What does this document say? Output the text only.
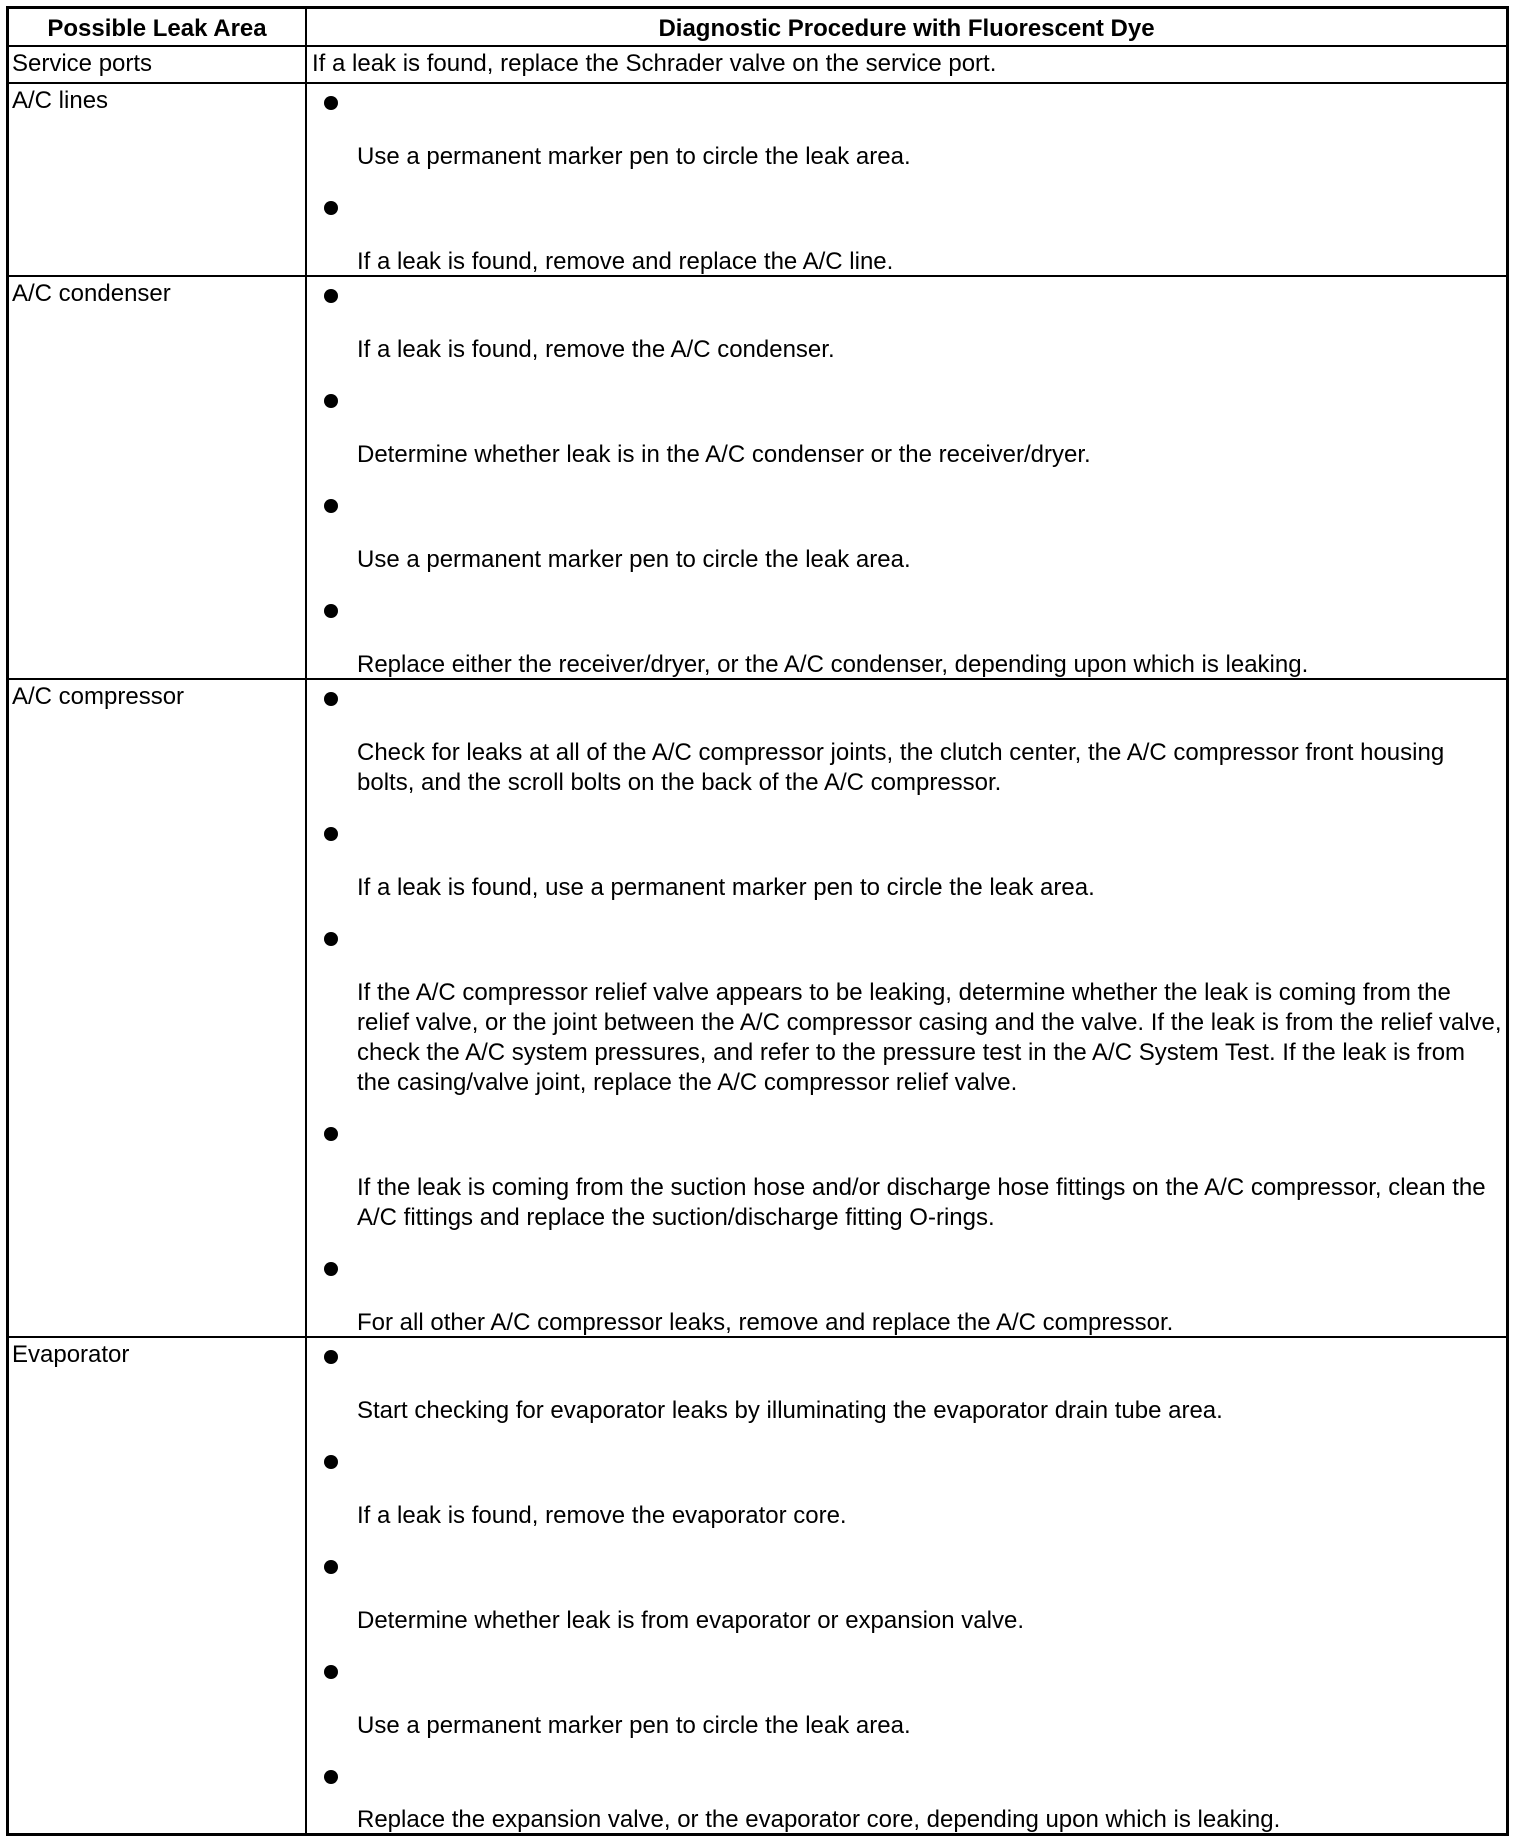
Possible Leak Area	Diagnostic Procedure with Fluorescent Dye
Service ports	If a leak is found, replace the Schrader valve on the service port.
A/C lines
Use a permanent marker pen to circle the leak area.
If a leak is found, remove and replace the A/C line.
A/C condenser
If a leak is found, remove the A/C condenser.
Determine whether leak is in the A/C condenser or the receiver/dryer.
Use a permanent marker pen to circle the leak area.
Replace either the receiver/dryer, or the A/C condenser, depending upon which is leaking.
A/C compressor
Check for leaks at all of the A/C compressor joints, the clutch center, the A/C compressor front housing bolts, and the scroll bolts on the back of the A/C compressor.
If a leak is found, use a permanent marker pen to circle the leak area.
If the A/C compressor relief valve appears to be leaking, determine whether the leak is coming from the relief valve, or the joint between the A/C compressor casing and the valve. If the leak is from the relief valve, check the A/C system pressures, and refer to the pressure test in the A/C System Test. If the leak is from the casing/valve joint, replace the A/C compressor relief valve.
If the leak is coming from the suction hose and/or discharge hose fittings on the A/C compressor, clean the A/C fittings and replace the suction/discharge fitting O-rings.
For all other A/C compressor leaks, remove and replace the A/C compressor.
Evaporator
Start checking for evaporator leaks by illuminating the evaporator drain tube area.
If a leak is found, remove the evaporator core.
Determine whether leak is from evaporator or expansion valve.
Use a permanent marker pen to circle the leak area.
Replace the expansion valve, or the evaporator core, depending upon which is leaking.
